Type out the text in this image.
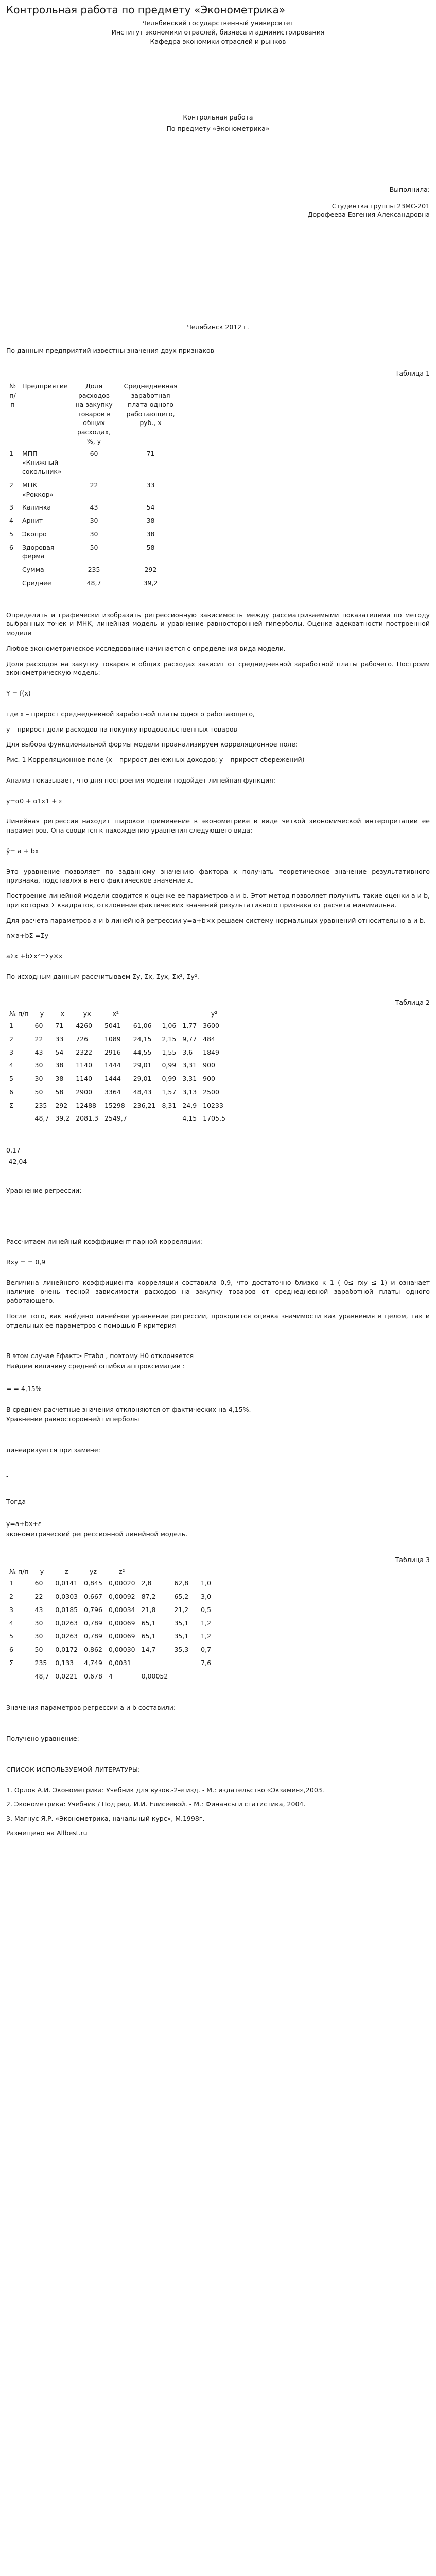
Контрольная работа по предмету «Эконометрика»
Челябинский государственный университет
Институт экономики отраслей, бизнеса и администрирования
Кафедра экономики отраслей и рынков
Контрольная работа
По предмету «Эконометрика»
Выполнила:
Студентка группы 23МС-201
Дорофеева Евгения Александровна
Челябинск 2012 г.

По данным предприятий известны значения двух признаков

Таблица 1
№ п/п	Предприятие	Доля расходов на закупку товаров в общих расходах, %, у	Среднедневная заработная плата одного работающего, руб., х
1	МПП «Книжный сокольник»	60	71
2	МПК «Роккор»	22	33
3	Калинка	43	54
4	Арнит	30	38
5	Экопро	30	38
6	Здоровая ферма	50	58
	Сумма	235	292
	Среднее	48,7	39,2

Определить и графически изобразить регрессионную зависимость между рассматриваемыми показателями по методу выбранных точек и МНК, линейная модель и уравнение равносторонней гиперболы. Оценка адекватности построенной модели

Любое эконометрическое исследование начинается с определения вида модели.

Доля расходов на закупку товаров в общих расходах зависит от среднедневной заработной платы рабочего. Построим эконометрическую модель:

Y = f(x)

где х – прирост среднедневной заработной платы одного работающего,

у – прирост доли расходов на покупку продовольственных товаров

Для выбора функциональной формы модели проанализируем корреляционное поле:

Рис. 1 Корреляционное поле (х – прирост денежных доходов; у – прирост сбережений)

Анализ показывает, что для построения модели подойдет линейная функция:

y=α0 + α1x1 + ε

Линейная регрессия находит широкое применение в эконометрике в виде четкой экономической интерпретации ее параметров. Она сводится к нахождению уравнения следующего вида:

ŷ= a + bx

Это уравнение позволяет по заданному значению фактора х получать теоретическое значение результативного признака, подставляя в него фактическое значение х.

Построение линейной модели сводится к оценке ее параметров а и b. Этот метод позволяет получить такие оценки а и b, при которых Σ квадратов, отклонение фактических значений результативного признака от расчета минимальна.

Для расчета параметров а и b линейной регрессии y=a+b×x решаем систему нормальных уравнений относительно а и b.

n×a+bΣ =Σy

aΣx +bΣx²=Σy×x

По исходным данным рассчитываем Σy, Σx, Σyx, Σx², Σy².

Таблица 2
№ п/п	y	x	yx	x²				y²
1	60	71	4260	5041	61,06	1,06	1,77	3600
2	22	33	726	1089	24,15	2,15	9,77	484
3	43	54	2322	2916	44,55	1,55	3,6	1849
4	30	38	1140	1444	29,01	0,99	3,31	900
5	30	38	1140	1444	29,01	0,99	3,31	900
6	50	58	2900	3364	48,43	1,57	3,13	2500
Σ	235	292	12488	15298	236,21	8,31	24,9	10233
	48,7	39,2	2081,3	2549,7			4,15	1705,5

0,17

-42,04

Уравнение регрессии:

-

Рассчитаем линейный коэффициент парной корреляции:

Rxy = = 0,9

Величина линейного коэффициента корреляции составила 0,9, что достаточно близко к 1 ( 0≤ rxy ≤ 1) и означает наличие очень тесной зависимости расходов на закупку товаров от среднедневной заработной платы одного работающего.

После того, как найдено линейное уравнение регрессии, проводится оценка значимости как уравнения в целом, так и отдельных ее параметров с помощью F-критерия

В этом случае Fфакт> Fтабл , поэтому Н0 отклоняется

Найдем величину средней ошибки аппроксимации :

= = 4,15%

В среднем расчетные значения отклоняются от фактических на 4,15%.

Уравнение равносторонней гиперболы

линеаризуется при замене:

-

Тогда

y=a+bx+ε

эконометрический регрессионной линейной модель.

Таблица 3
№ п/п	y	z	yz	z²					
1	60	0,0141	0,845	0,00020	2,8	62,8		1,0	
2	22	0,0303	0,667	0,00092	87,2	65,2		3,0	
3	43	0,0185	0,796	0,00034	21,8	21,2		0,5	
4	30	0,0263	0,789	0,00069	65,1	35,1		1,2	
5	30	0,0263	0,789	0,00069	65,1	35,1		1,2	
6	50	0,0172	0,862	0,00030	14,7	35,3		0,7	
Σ	235	0,133	4,749	0,0031				7,6	
	48,7	0,0221	0,678	4	0,00052				

Значения параметров регрессии a и b составили:

Получено уравнение:

СПИСОК ИСПОЛЬЗУЕМОЙ ЛИТЕРАТУРЫ:

1. Орлов А.И. Эконометрика: Учебник для вузов.-2-е изд. - М.: издательство «Экзамен»,2003.
2. Эконометрика: Учебник / Под ред. И.И. Елисеевой. - М.: Финансы и статистика, 2004.
3. Магнус Я.Р. «Эконометрика, начальный курс», М.1998г.

Размещено на Allbest.ru
